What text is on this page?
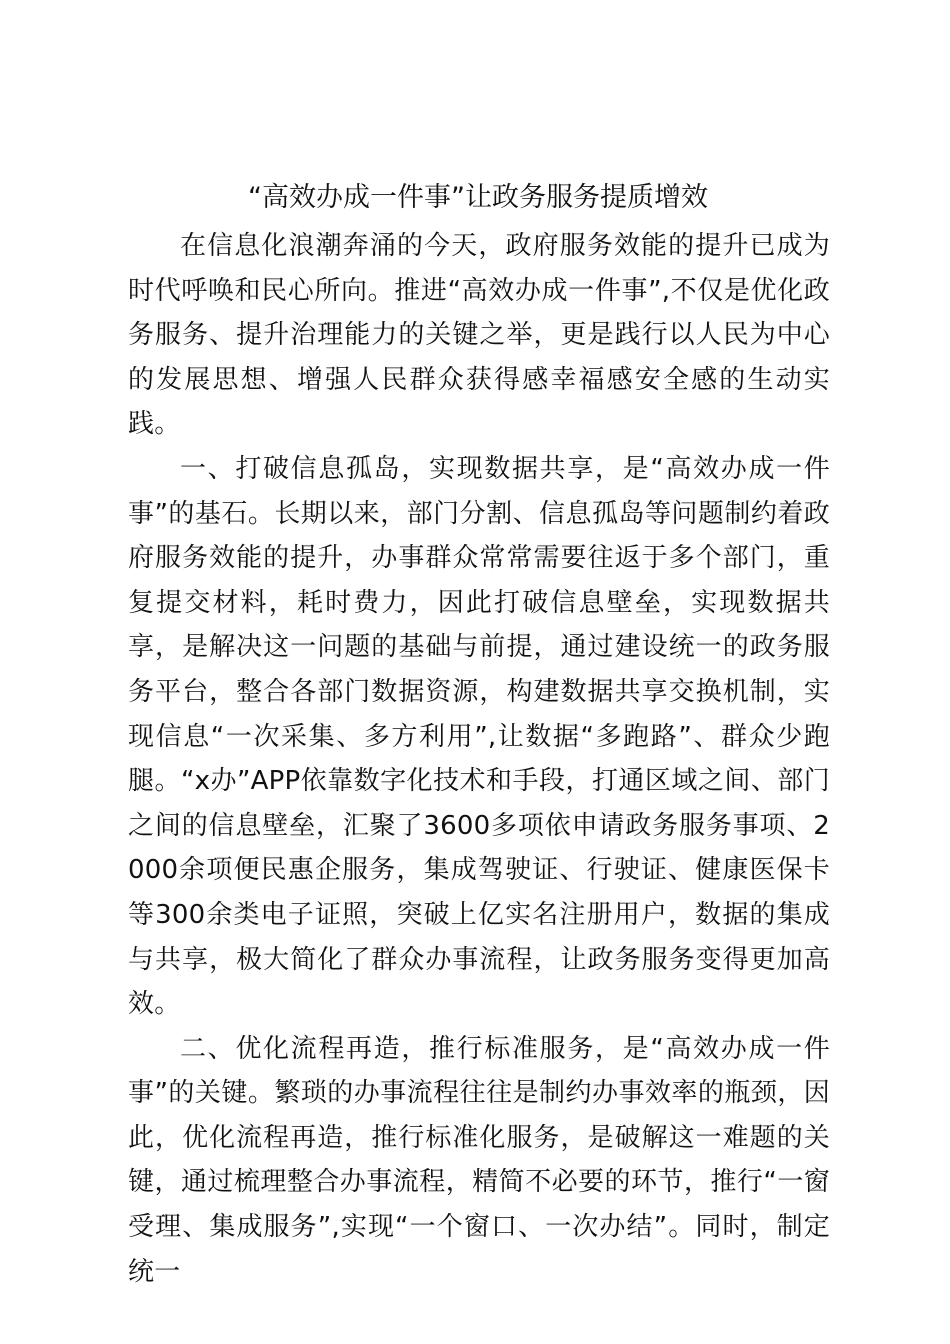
“高效办成一件事”让政务服务提质增效

在信息化浪潮奔涌的今天，政府服务效能的提升已成为时代呼唤和民心所向。推进“高效办成一件事”,不仅是优化政务服务、提升治理能力的关键之举，更是践行以人民为中心的发展思想、增强人民群众获得感幸福感安全感的生动实践。

一、打破信息孤岛，实现数据共享，是“高效办成一件事”的基石。长期以来，部门分割、信息孤岛等问题制约着政府服务效能的提升，办事群众常常需要往返于多个部门，重复提交材料，耗时费力，因此打破信息壁垒，实现数据共享，是解决这一问题的基础与前提，通过建设统一的政务服务平台，整合各部门数据资源，构建数据共享交换机制，实现信息“一次采集、多方利用”,让数据“多跑路”、群众少跑腿。“x办”APP依靠数字化技术和手段，打通区域之间、部门之间的信息壁垒，汇聚了3600多项依申请政务服务事项、2000余项便民惠企服务，集成驾驶证、行驶证、健康医保卡等300余类电子证照，突破上亿实名注册用户，数据的集成与共享，极大简化了群众办事流程，让政务服务变得更加高效。

二、优化流程再造，推行标准服务，是“高效办成一件事”的关键。繁琐的办事流程往往是制约办事效率的瓶颈，因此，优化流程再造，推行标准化服务，是破解这一难题的关键，通过梳理整合办事流程，精简不必要的环节，推行“一窗受理、集成服务”,实现“一个窗口、一次办结”。同时，制定统一
